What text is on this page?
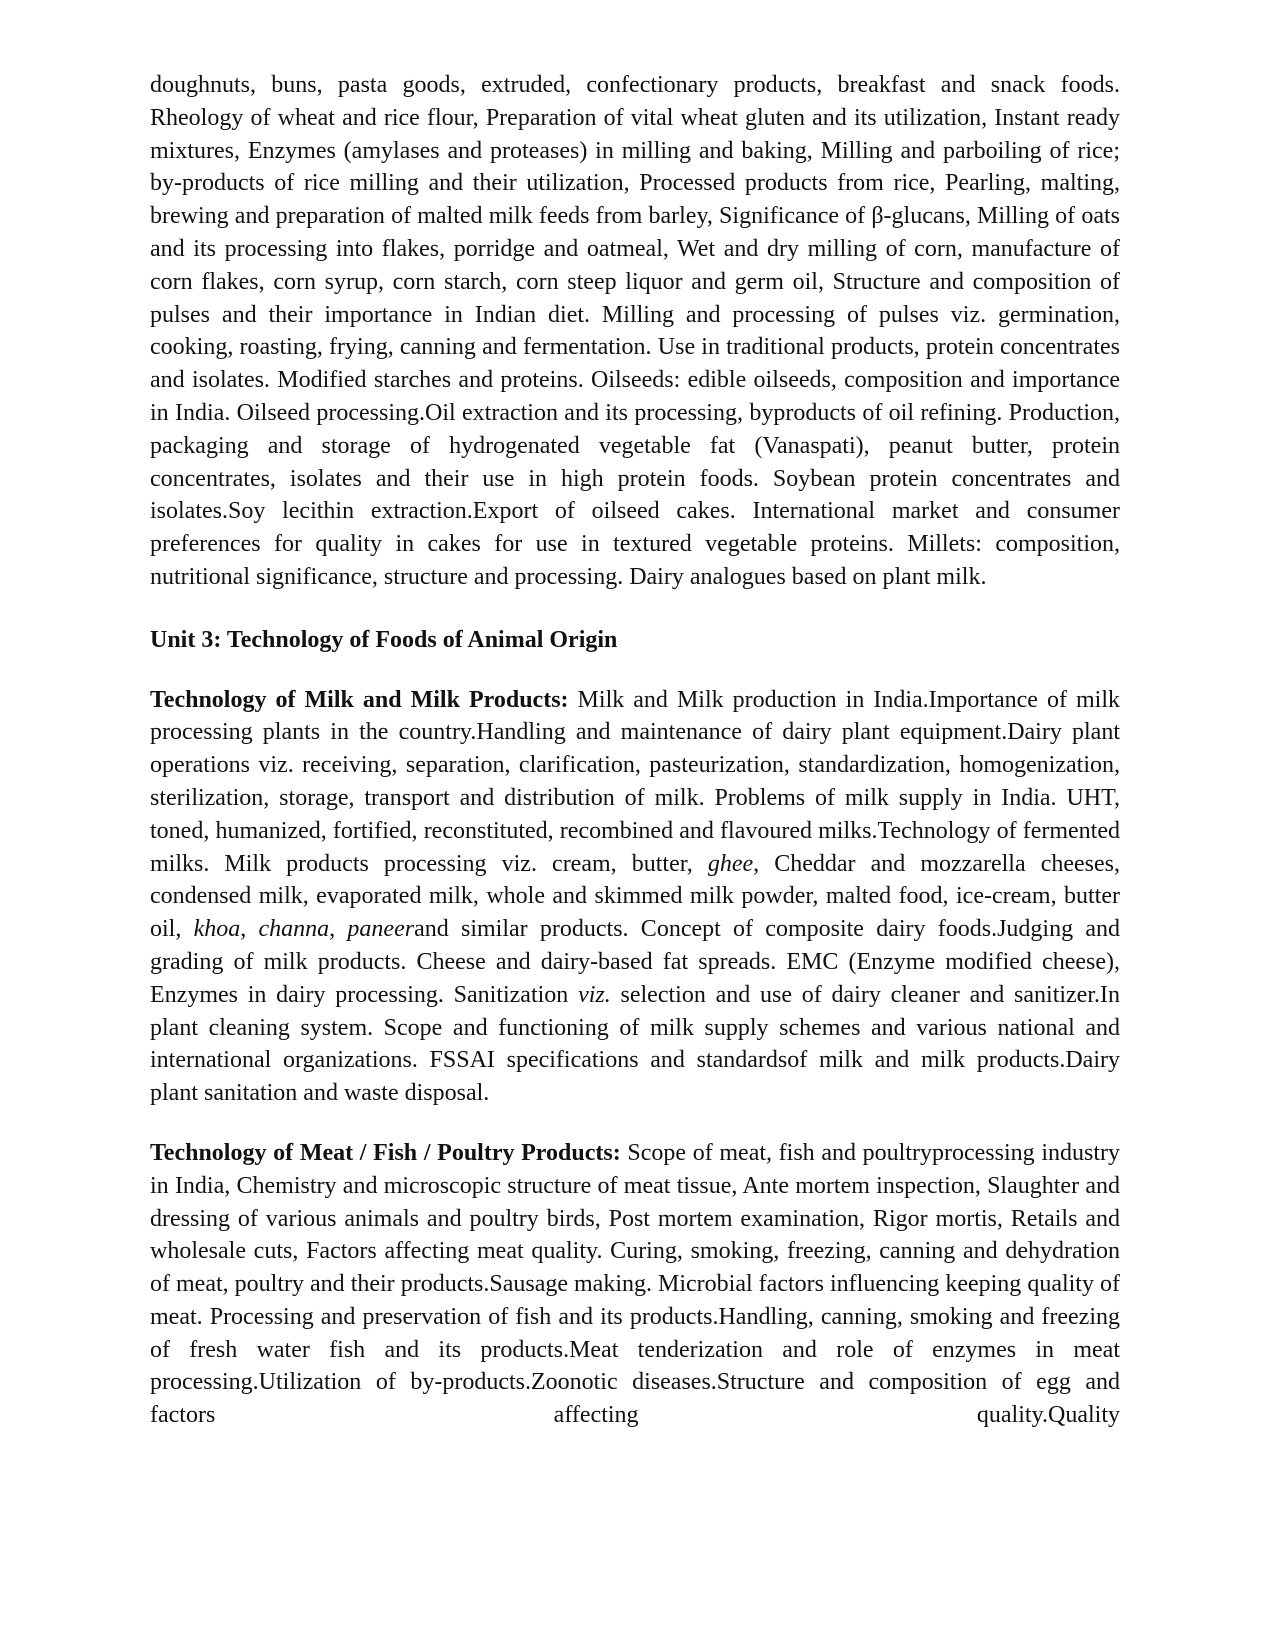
doughnuts, buns, pasta goods, extruded, confectionary products, breakfast and snack foods. Rheology of wheat and rice flour, Preparation of vital wheat gluten and its utilization, Instant ready mixtures, Enzymes (amylases and proteases) in milling and baking, Milling and parboiling of rice; by-products of rice milling and their utilization, Processed products from rice, Pearling, malting, brewing and preparation of malted milk feeds from barley, Significance of β-glucans, Milling of oats and its processing into flakes, porridge and oatmeal, Wet and dry milling of corn, manufacture of corn flakes, corn syrup, corn starch, corn steep liquor and germ oil, Structure and composition of pulses and their importance in Indian diet. Milling and processing of pulses viz. germination, cooking, roasting, frying, canning and fermentation. Use in traditional products, protein concentrates and isolates. Modified starches and proteins. Oilseeds: edible oilseeds, composition and importance in India. Oilseed processing.Oil extraction and its processing, byproducts of oil refining. Production, packaging and storage of hydrogenated vegetable fat (Vanaspati), peanut butter, protein concentrates, isolates and their use in high protein foods. Soybean protein concentrates and isolates.Soy lecithin extraction.Export of oilseed cakes. International market and consumer preferences for quality in cakes for use in textured vegetable proteins. Millets: composition, nutritional significance, structure and processing. Dairy analogues based on plant milk.

Unit 3: Technology of Foods of Animal Origin

Technology of Milk and Milk Products: Milk and Milk production in India.Importance of milk processing plants in the country.Handling and maintenance of dairy plant equipment.Dairy plant operations viz. receiving, separation, clarification, pasteurization, standardization, homogenization, sterilization, storage, transport and distribution of milk. Problems of milk supply in India. UHT, toned, humanized, fortified, reconstituted, recombined and flavoured milks.Technology of fermented milks. Milk products processing viz. cream, butter, ghee, Cheddar and mozzarella cheeses, condensed milk, evaporated milk, whole and skimmed milk powder, malted food, ice-cream, butter oil, khoa, channa, paneerand similar products. Concept of composite dairy foods.Judging and grading of milk products. Cheese and dairy-based fat spreads. EMC (Enzyme modified cheese), Enzymes in dairy processing. Sanitization viz. selection and use of dairy cleaner and sanitizer.In plant cleaning system. Scope and functioning of milk supply schemes and various national and international organizations. FSSAI specifications and standardsof milk and milk products.Dairy plant sanitation and waste disposal.

Technology of Meat / Fish / Poultry Products: Scope of meat, fish and poultryprocessing industry in India, Chemistry and microscopic structure of meat tissue, Ante mortem inspection, Slaughter and dressing of various animals and poultry birds, Post mortem examination, Rigor mortis, Retails and wholesale cuts, Factors affecting meat quality. Curing, smoking, freezing, canning and dehydration of meat, poultry and their products.Sausage making. Microbial factors influencing keeping quality of meat. Processing and preservation of fish and its products.Handling, canning, smoking and freezing of fresh water fish and its products.Meat tenderization and role of enzymes in meat processing.Utilization of by-products.Zoonotic diseases.Structure and composition of egg and factors affecting quality.Quality
